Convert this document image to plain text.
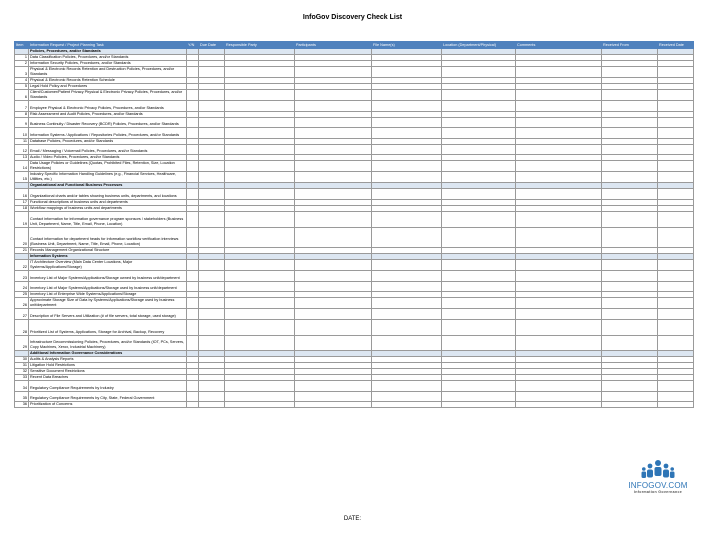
InfoGov Discovery Check List
Item	Information Request / Project Planning Task	Y/N	Due Date	Responsible Party	Participants	File Name(s)	Location (Department/Physical)	Comments	Received From	Received Date
	Policies, Procedures, and/or Standards									
1	Data Classification Policies, Procedures, and/or Standards									
2	Information Security Policies, Procedures, and/or Standards									
3	Physical & Electronic Records Retention and Destruction Policies, Procedures, and/or Standards									
4	Physical & Electronic Records Retention Schedule									
5	Legal Hold Policy and Procedures									
6	Client/Customer/Patient Privacy Physical & Electronic Privacy Policies, Procedures, and/or Standards									
7	Employee Physical & Electronic Privacy Policies, Procedures, and/or Standards									
8	Risk Assessment and Audit Policies, Procedures, and/or Standards									
9	Business Continuity / Disaster Recovery (BCDR) Policies, Procedures, and/or Standards									
10	Information Systems / Applications / Repositories Policies, Procedures, and/or Standards									
11	Database Policies, Procedures, and/or Standards									
12	Email / Messaging / Voicemail Policies, Procedures, and/or Standards									
13	Audio / Video Policies, Procedures, and/or Standards									
14	Data Usage Policies or Guidelines (Quotas, Prohibited Files, Retention, Size, Location Restrictions)									
15	Industry Specific Information Handling Guidelines (e.g., Financial Services, Healthcare, Utilities, etc.)									
	Organizational and Functional Business Processes									
16	Organizational charts and/or tables showing business units, departments, and locations									
17	Functional descriptions of business units and departments									
18	Workflow mappings of business units and departments									
19	Contact information for information governance program sponsors / stakeholders (Business Unit, Department, Name, Title, Email, Phone, Location)									
20	Contact information for department heads for information workflow verification interviews (Business Unit, Department, Name, Title, Email, Phone, Location)									
21	Records Management Organizational Structure									
	Information Systems									
22	IT Architecture Overview (Main Data Center Locations, Major Systems/Applications/Storage)									
23	Inventory List of Major Systems/Applications/Storage owned by business unit/department									
24	Inventory List of Major Systems/Applications/Storage used by business unit/department									
25	Inventory List of Enterprise Wide Systems/Applications/Storage									
26	Approximate Storage Size of Data by Systems/Applications/Storage used by business unit/department									
27	Description of File Servers and Utilization (# of file servers, total storage, used storage)									
28	Prioritized List of Systems, Applications, Storage for Archival, Backup, Recovery									
29	Infrastructure Decommissioning Policies, Procedures, and/or Standards (IOT, PCs, Servers, Copy Machines, Xerox, Industrial Machinery)									
	Additional Information Governance Considerations									
30	Audits & Analysis Reports									
31	Litigation Hold Restrictions									
32	Sensitive Document Restrictions									
33	Recent Data Breaches									
34	Regulatory Compliance Requirements by Industry									
35	Regulatory Compliance Requirements by City, State, Federal Government									
36	Prioritization of Concerns									
INFOGOV.COM
Information Governance
DATE:
